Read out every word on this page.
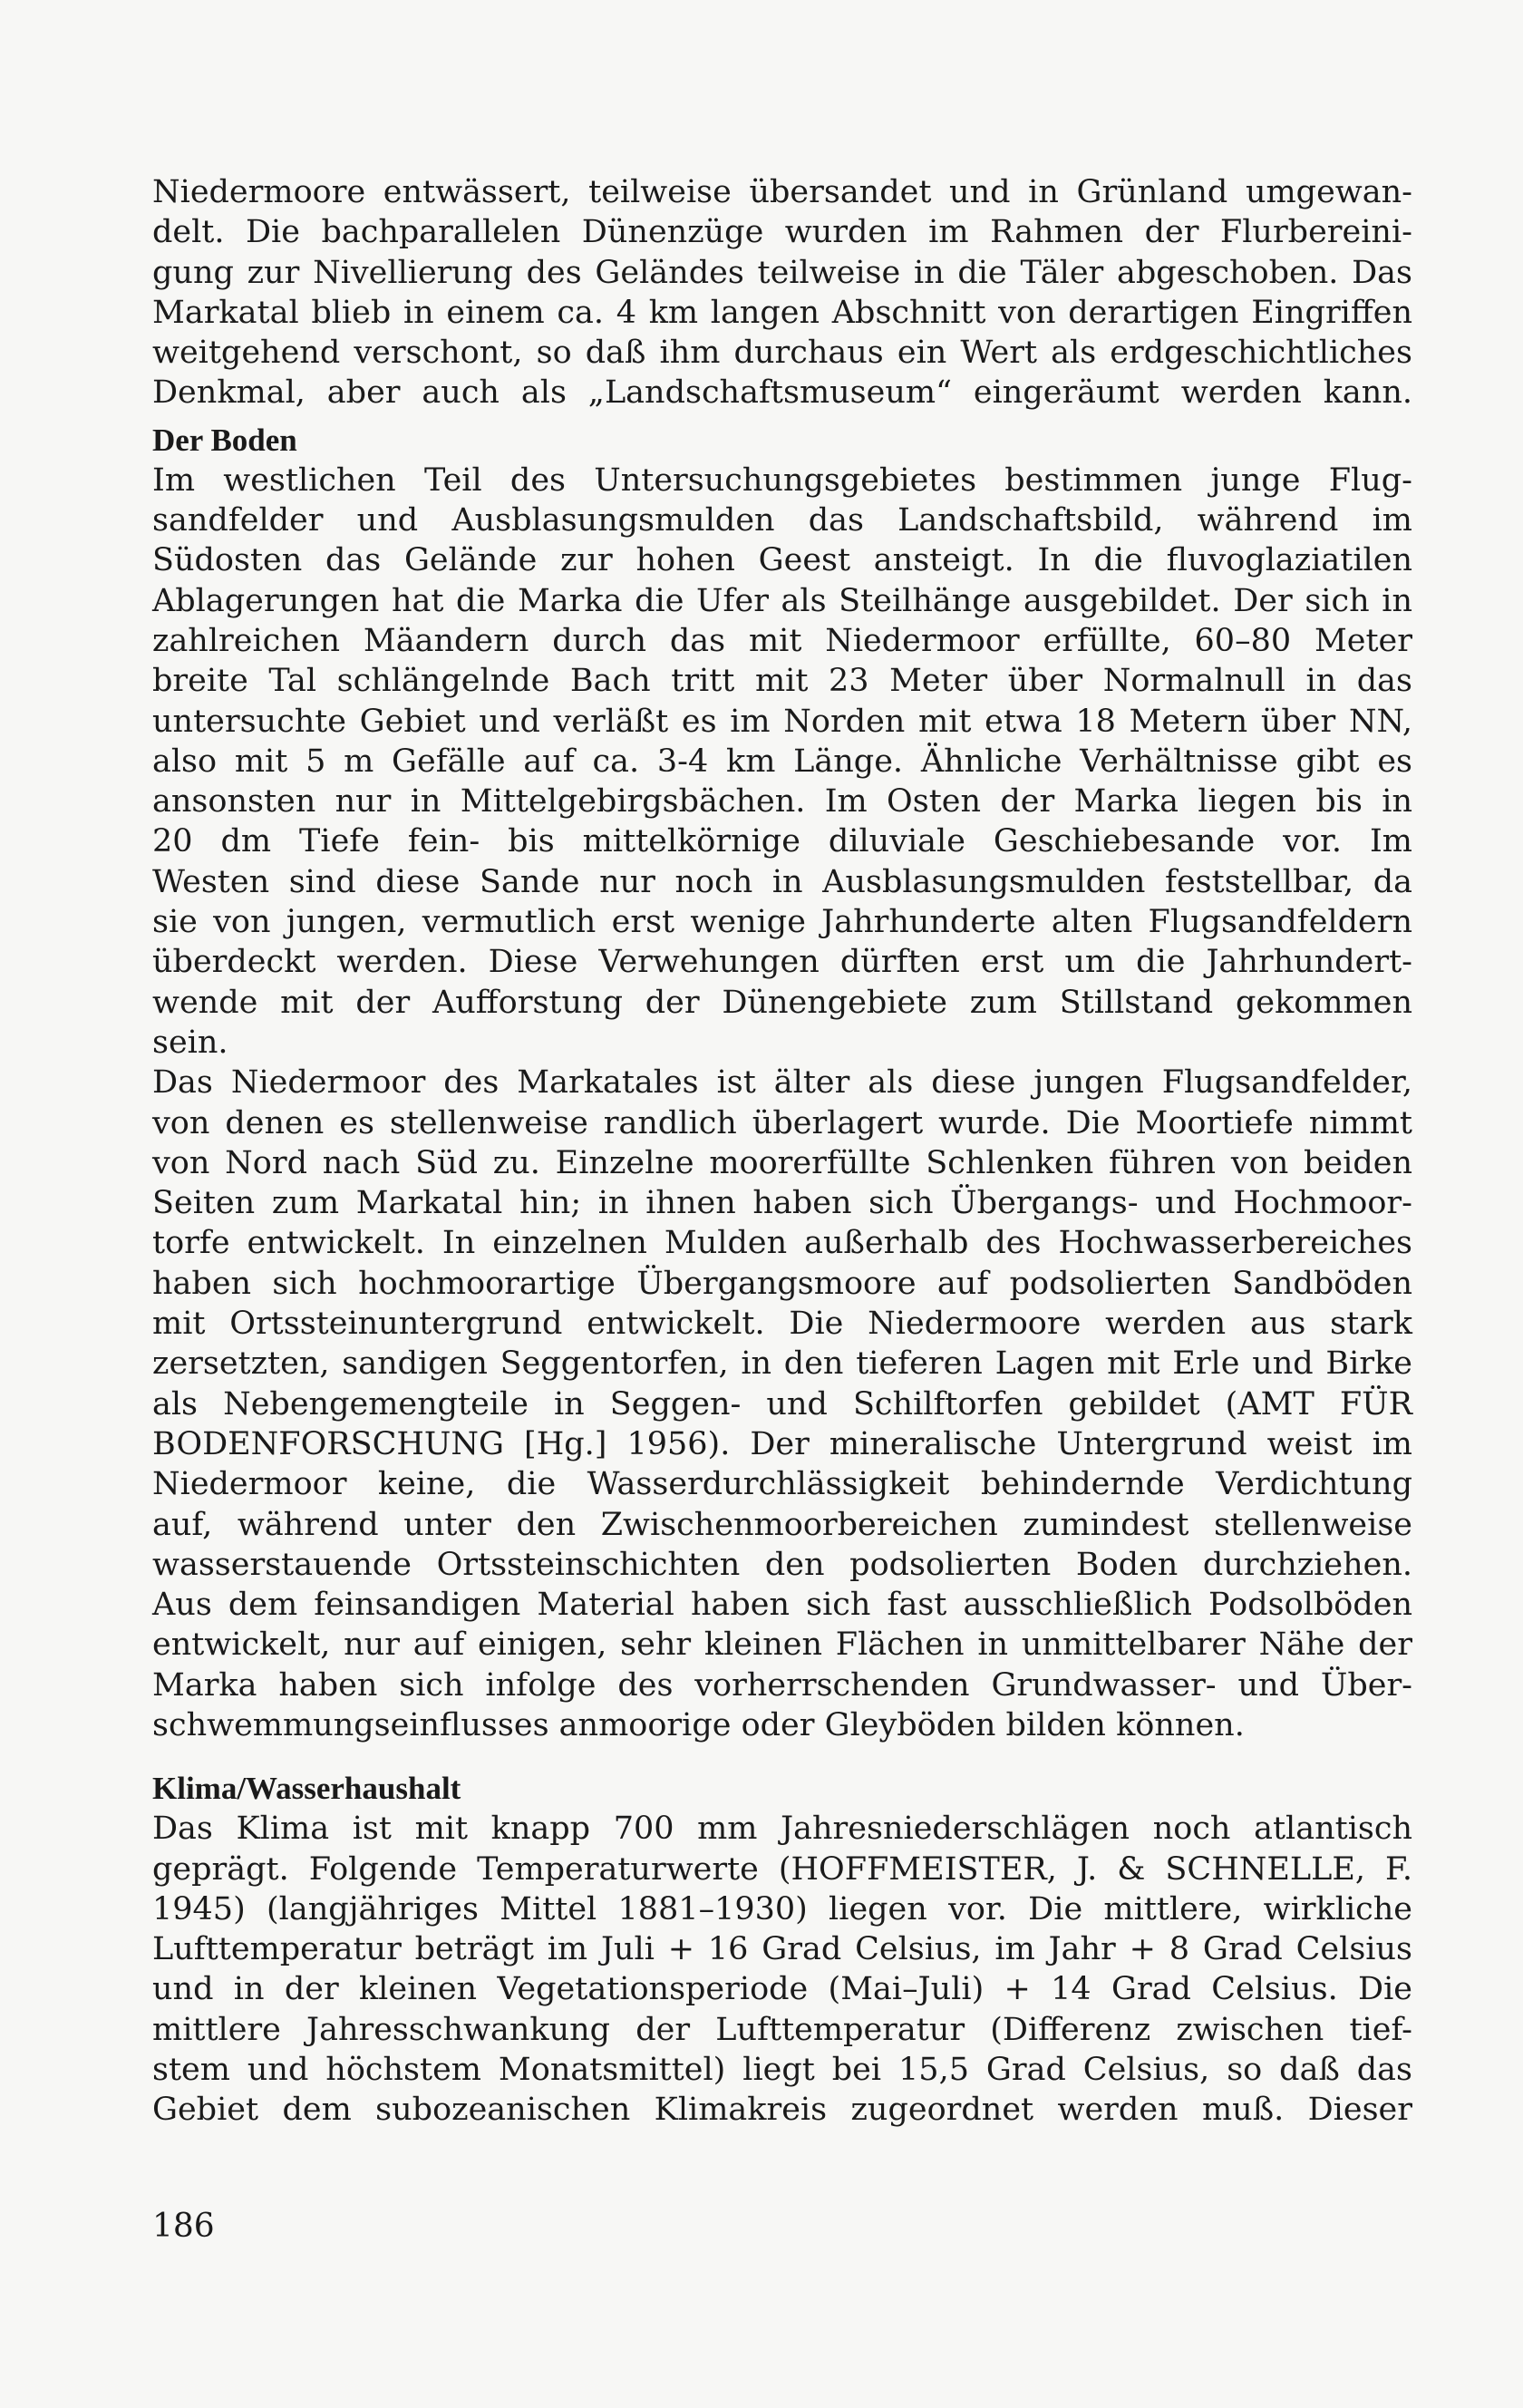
Niedermoore entwässert, teilweise übersandet und in Grünland umgewan-
delt. Die bachparallelen Dünenzüge wurden im Rahmen der Flurbereini-
gung zur Nivellierung des Geländes teilweise in die Täler abgeschoben. Das
Markatal blieb in einem ca. 4 km langen Abschnitt von derartigen Eingriffen
weitgehend verschont, so daß ihm durchaus ein Wert als erdgeschichtliches
Denkmal, aber auch als „Landschaftsmuseum“ eingeräumt werden kann.
Der Boden
Im westlichen Teil des Untersuchungsgebietes bestimmen junge Flug-
sandfelder und Ausblasungsmulden das Landschaftsbild, während im
Südosten das Gelände zur hohen Geest ansteigt. In die fluvoglaziatilen
Ablagerungen hat die Marka die Ufer als Steilhänge ausgebildet. Der sich in
zahlreichen Mäandern durch das mit Niedermoor erfüllte, 60–80 Meter
breite Tal schlängelnde Bach tritt mit 23 Meter über Normalnull in das
untersuchte Gebiet und verläßt es im Norden mit etwa 18 Metern über NN,
also mit 5 m Gefälle auf ca. 3-4 km Länge. Ähnliche Verhältnisse gibt es
ansonsten nur in Mittelgebirgsbächen. Im Osten der Marka liegen bis in
20 dm Tiefe fein- bis mittelkörnige diluviale Geschiebesande vor. Im
Westen sind diese Sande nur noch in Ausblasungsmulden feststellbar, da
sie von jungen, vermutlich erst wenige Jahrhunderte alten Flugsandfeldern
überdeckt werden. Diese Verwehungen dürften erst um die Jahrhundert-
wende mit der Aufforstung der Dünengebiete zum Stillstand gekommen
sein.
Das Niedermoor des Markatales ist älter als diese jungen Flugsandfelder,
von denen es stellenweise randlich überlagert wurde. Die Moortiefe nimmt
von Nord nach Süd zu. Einzelne moorerfüllte Schlenken führen von beiden
Seiten zum Markatal hin; in ihnen haben sich Übergangs- und Hochmoor-
torfe entwickelt. In einzelnen Mulden außerhalb des Hochwasserbereiches
haben sich hochmoorartige Übergangsmoore auf podsolierten Sandböden
mit Ortssteinuntergrund entwickelt. Die Niedermoore werden aus stark
zersetzten, sandigen Seggentorfen, in den tieferen Lagen mit Erle und Birke
als Nebengemengteile in Seggen- und Schilftorfen gebildet (AMT FÜR
BODENFORSCHUNG [Hg.] 1956). Der mineralische Untergrund weist im
Niedermoor keine, die Wasserdurchlässigkeit behindernde Verdichtung
auf, während unter den Zwischenmoorbereichen zumindest stellenweise
wasserstauende Ortssteinschichten den podsolierten Boden durchziehen.
Aus dem feinsandigen Material haben sich fast ausschließlich Podsolböden
entwickelt, nur auf einigen, sehr kleinen Flächen in unmittelbarer Nähe der
Marka haben sich infolge des vorherrschenden Grundwasser- und Über-
schwemmungseinflusses anmoorige oder Gleyböden bilden können.
Klima/Wasserhaushalt
Das Klima ist mit knapp 700 mm Jahresniederschlägen noch atlantisch
geprägt. Folgende Temperaturwerte (HOFFMEISTER, J. & SCHNELLE, F.
1945) (langjähriges Mittel 1881–1930) liegen vor. Die mittlere, wirkliche
Lufttemperatur beträgt im Juli + 16 Grad Celsius, im Jahr + 8 Grad Celsius
und in der kleinen Vegetationsperiode (Mai–Juli) + 14 Grad Celsius. Die
mittlere Jahresschwankung der Lufttemperatur (Differenz zwischen tief-
stem und höchstem Monatsmittel) liegt bei 15,5 Grad Celsius, so daß das
Gebiet dem subozeanischen Klimakreis zugeordnet werden muß. Dieser
186
